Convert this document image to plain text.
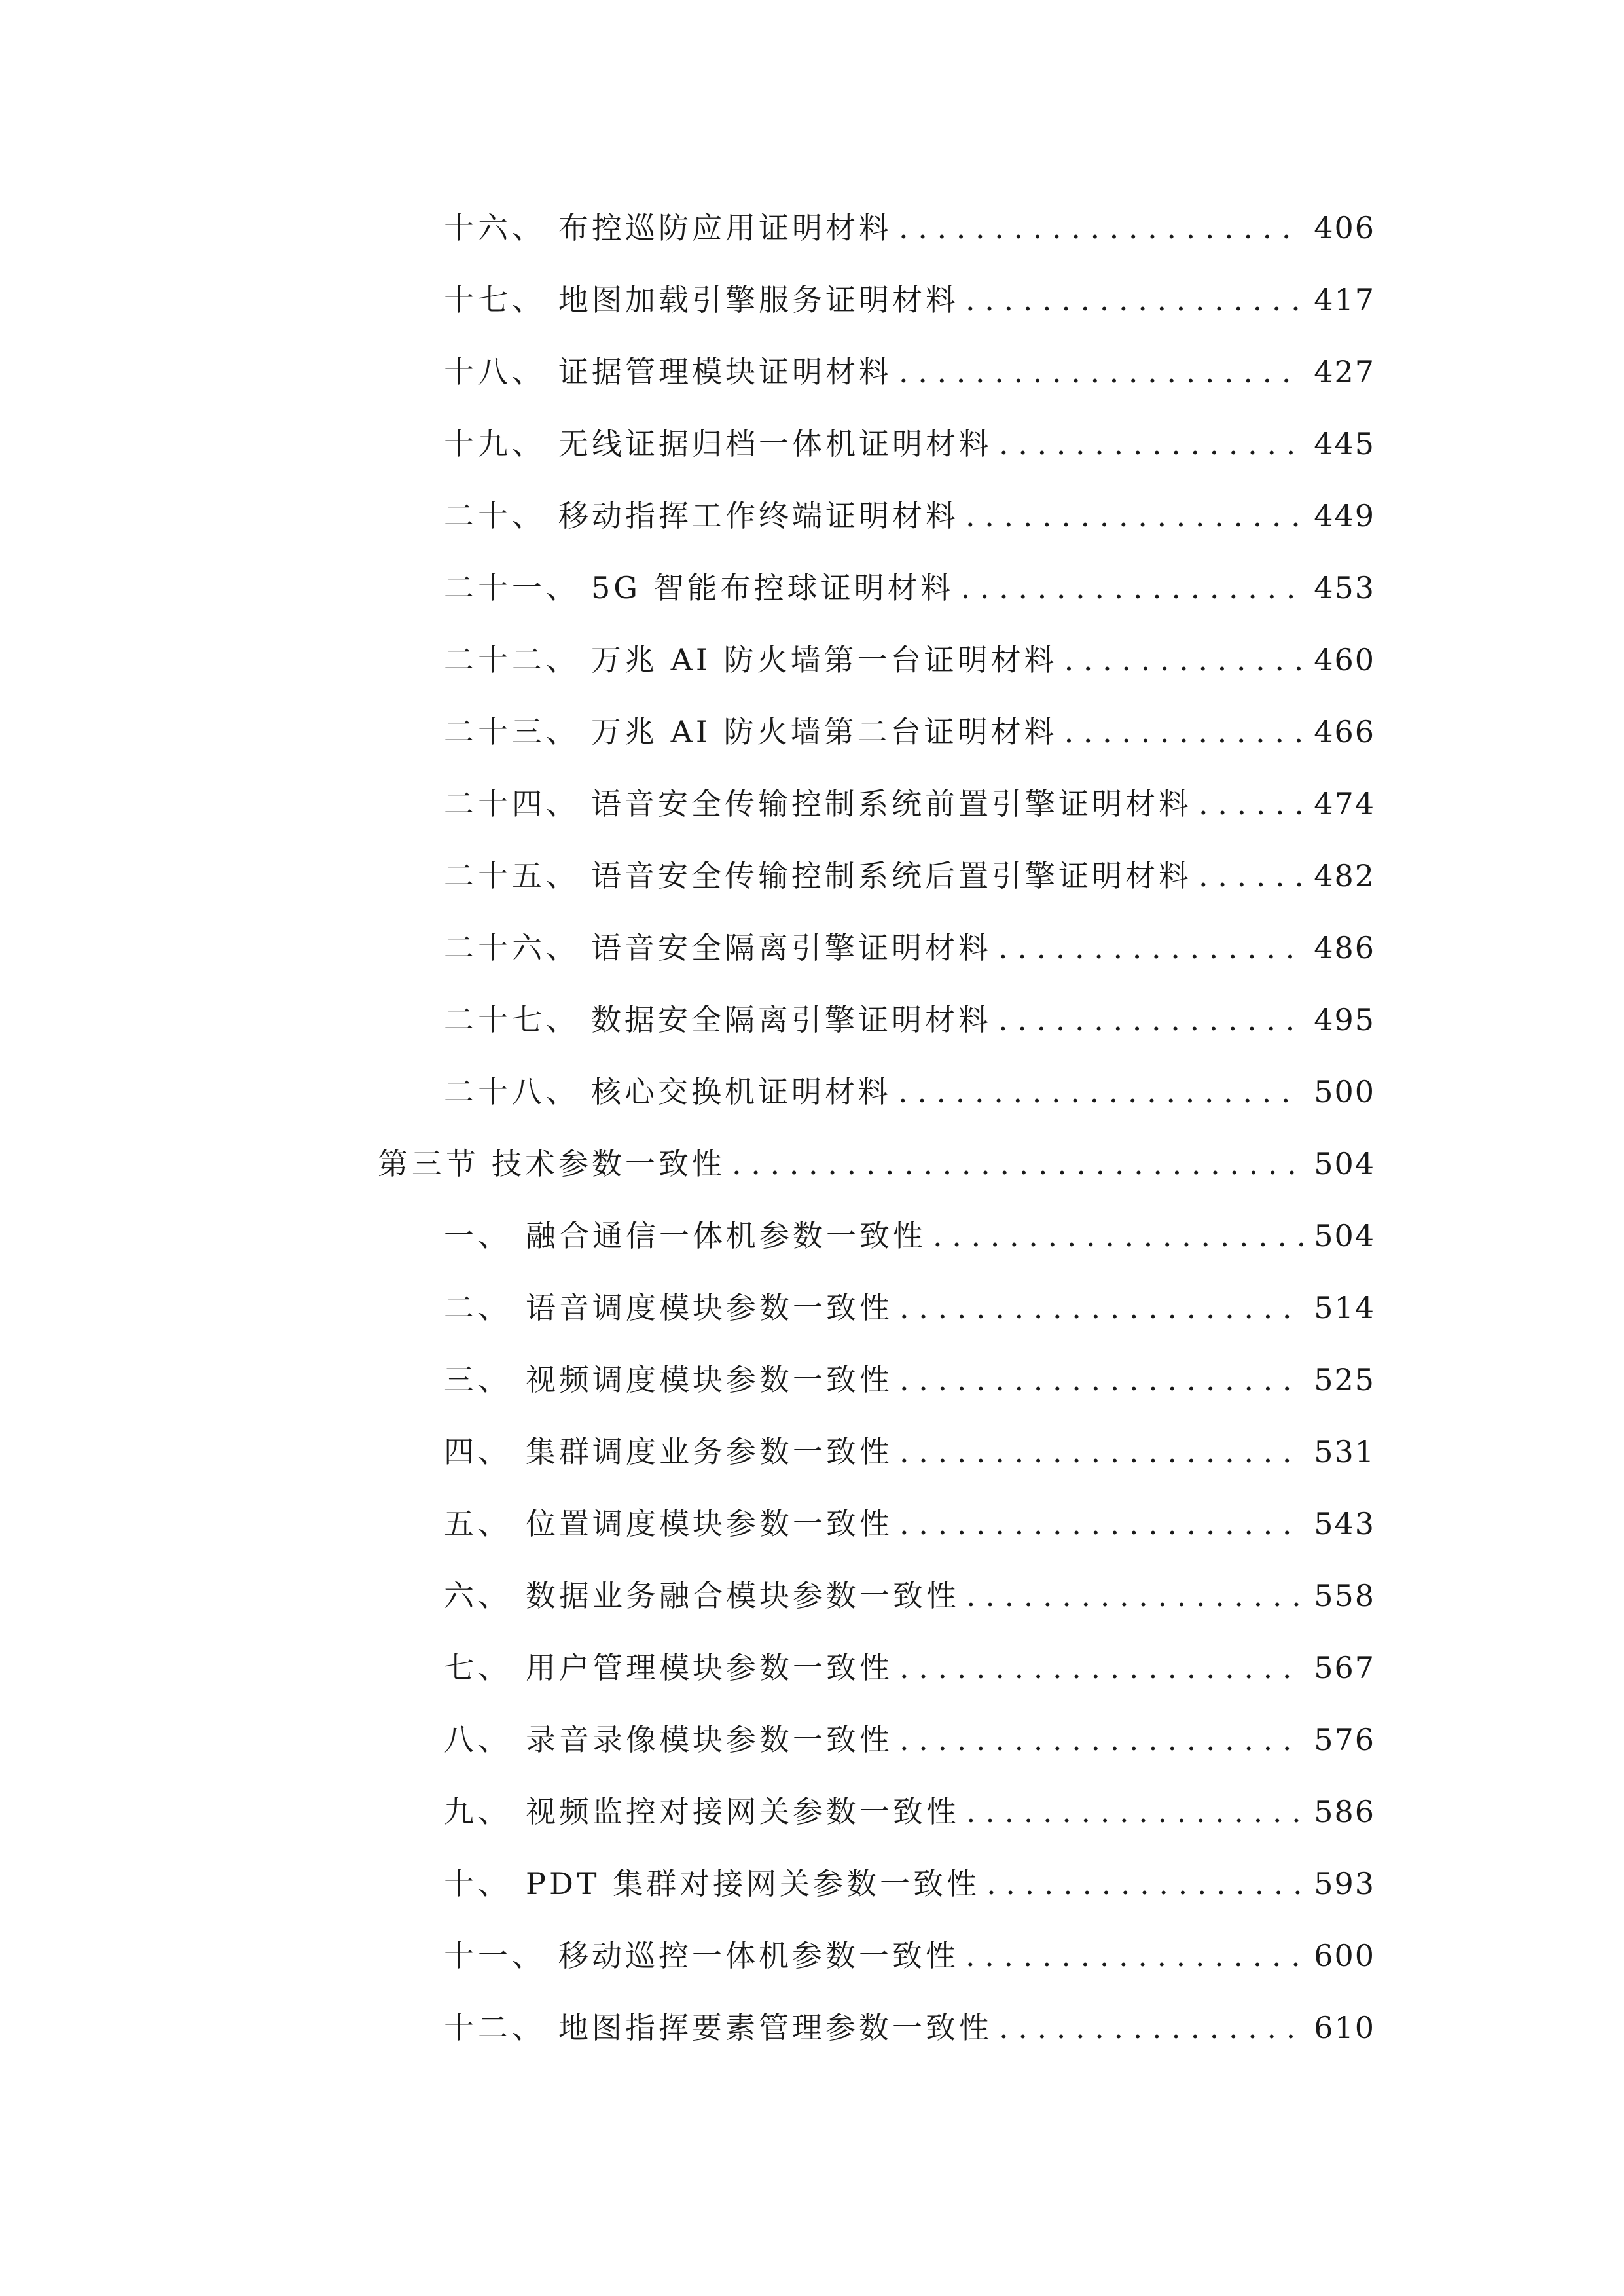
十六、 布控巡防应用证明材料 . . .	406
十七、 地图加载引擎服务证明材料 . . .	417
十八、 证据管理模块证明材料 . . .	427
十九、 无线证据归档一体机证明材料 . . .	445
二十、 移动指挥工作终端证明材料 . . .	449
二十一、 5G 智能布控球证明材料 . . .	453
二十二、 万兆 AI 防火墙第一台证明材料 . . .	460
二十三、 万兆 AI 防火墙第二台证明材料 . . .	466
二十四、 语音安全传输控制系统前置引擎证明材料 . . .	474
二十五、 语音安全传输控制系统后置引擎证明材料 . . .	482
二十六、 语音安全隔离引擎证明材料 . . .	486
二十七、 数据安全隔离引擎证明材料 . . .	495
二十八、 核心交换机证明材料 . . .	500
第三节 技术参数一致性 . . .	504
一、 融合通信一体机参数一致性 . . .	504
二、 语音调度模块参数一致性 . . .	514
三、 视频调度模块参数一致性 . . .	525
四、 集群调度业务参数一致性 . . .	531
五、 位置调度模块参数一致性 . . .	543
六、 数据业务融合模块参数一致性 . . .	558
七、 用户管理模块参数一致性 . . .	567
八、 录音录像模块参数一致性 . . .	576
九、 视频监控对接网关参数一致性 . . .	586
十、 PDT 集群对接网关参数一致性 . . .	593
十一、 移动巡控一体机参数一致性 . . .	600
十二、 地图指挥要素管理参数一致性 . . .	610
